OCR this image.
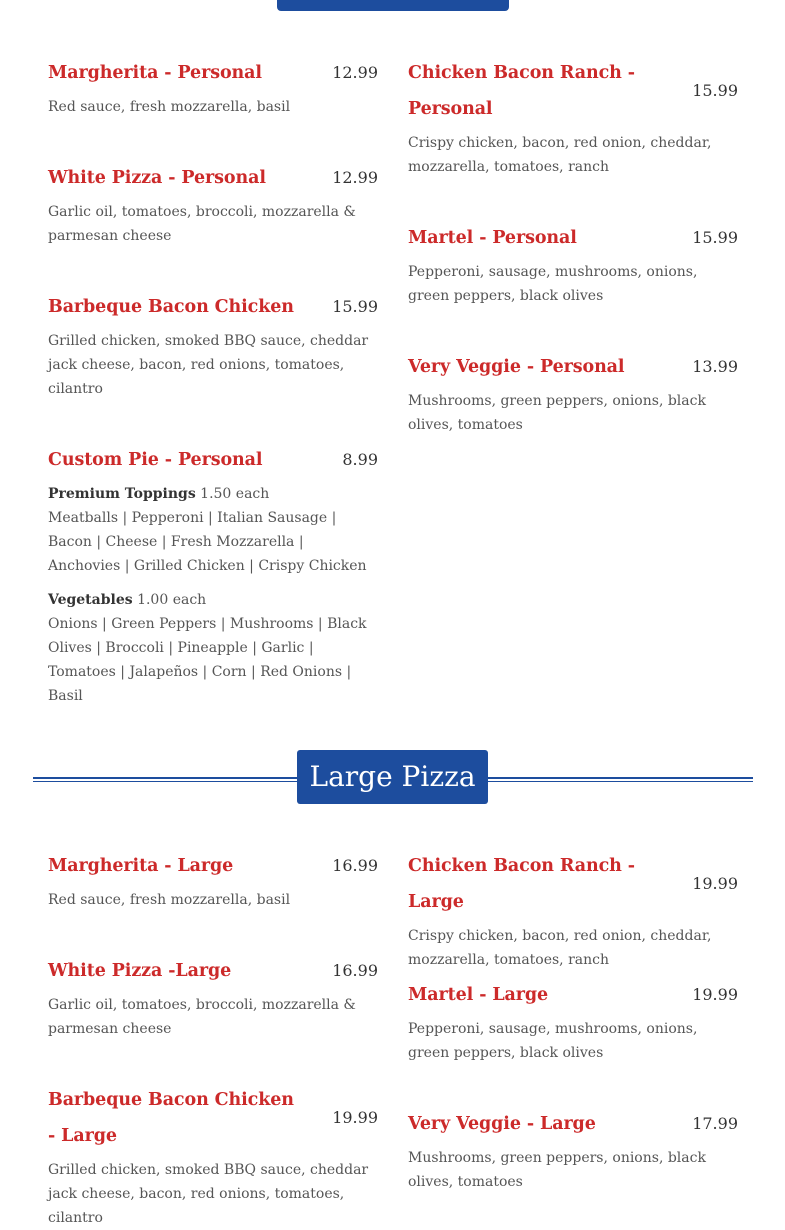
Margherita - Personal	12.99
Red sauce, fresh mozzarella, basil
White Pizza - Personal	12.99
Garlic oil, tomatoes, broccoli, mozzarella & parmesan cheese
Barbeque Bacon Chicken 15.99
Grilled chicken, smoked BBQ sauce, cheddar jack cheese, bacon, red onions, tomatoes, cilantro
Custom Pie - Personal	8.99
Premium Toppings 1.50 each
Meatballs | Pepperoni | Italian Sausage | Bacon | Cheese | Fresh Mozzarella | Anchovies | Grilled Chicken | Crispy Chicken
Vegetables 1.00 each
Onions | Green Peppers | Mushrooms | Black Olives | Broccoli | Pineapple | Garlic | Tomatoes | Jalapeños | Corn | Red Onions | Basil
Chicken Bacon Ranch - Personal
15.99
Crispy chicken, bacon, red onion, cheddar, mozzarella, tomatoes, ranch
Martel - Personal	15.99
Pepperoni, sausage, mushrooms, onions, green peppers, black olives
Very Veggie - Personal	13.99
Mushrooms, green peppers, onions, black olives, tomatoes
Large Pizza
Margherita - Large	16.99
Red sauce, fresh mozzarella, basil
White Pizza -Large	16.99
Garlic oil, tomatoes, broccoli, mozzarella & parmesan cheese
Barbeque Bacon Chicken - Large
19.99
Grilled chicken, smoked BBQ sauce, cheddar jack cheese, bacon, red onions, tomatoes, cilantro
Chicken Bacon Ranch - Large
19.99
Crispy chicken, bacon, red onion, cheddar, mozzarella, tomatoes, ranch
Martel - Large	19.99
Pepperoni, sausage, mushrooms, onions, green peppers, black olives
Very Veggie - Large	17.99
Mushrooms, green peppers, onions, black olives, tomatoes
